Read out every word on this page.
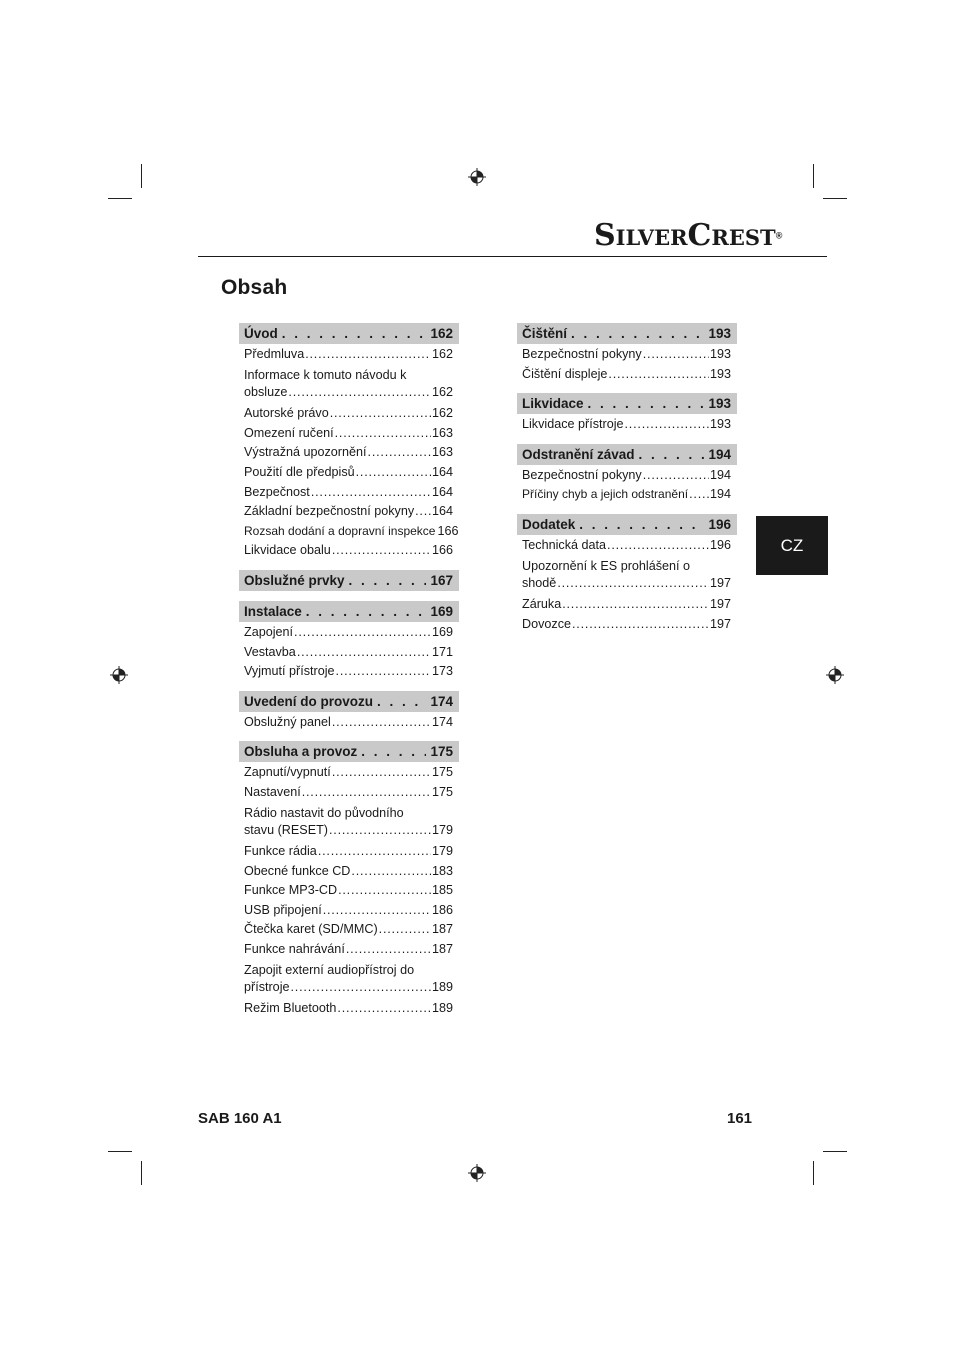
SILVERCREST®
Obsah
Úvod . . .	162
Předmluva .....	162
Informace k tomuto návodu k
obsluze .....	162
Autorské právo .....	162
Omezení ručení .....	163
Výstražná upozornění .....	163
Použití dle předpisů .....	164
Bezpečnost .....	164
Základní bezpečnostní pokyny ..... 164
Rozsah dodání a dopravní inspekce 166
Likvidace obalu .....	166
Obslužné prvky . . .	167
Instalace . . .	169
Zapojení .....	169
Vestavba .....	171
Vyjmutí přístroje .....	173
Uvedení do provozu . . .	174
Obslužný panel .....	174
Obsluha a provoz . . .	175
Zapnutí/vypnutí .....	175
Nastavení .....	175
Rádio nastavit do původního
stavu (RESET) .....	179
Funkce rádia .....	179
Obecné funkce CD .....	183
Funkce MP3-CD .....	185
USB připojení .....	186
Čtečka karet (SD/MMC) .....	187
Funkce nahrávání .....	187
Zapojit externí audiopřístroj do
přístroje .....	189
Režim Bluetooth .....	189
Čištění . . .	193
Bezpečnostní pokyny .....	193
Čištění displeje .....	193
Likvidace . . .	193
Likvidace přístroje .....	193
Odstranění závad . . .	194
Bezpečnostní pokyny .....	194
Příčiny chyb a jejich odstranění ..... 194
Dodatek . . .	196
Technická data .....	196
Upozornění k ES prohlášení o
shodě .....	197
Záruka .....	197
Dovozce .....	197
CZ
SAB 160 A1	161
